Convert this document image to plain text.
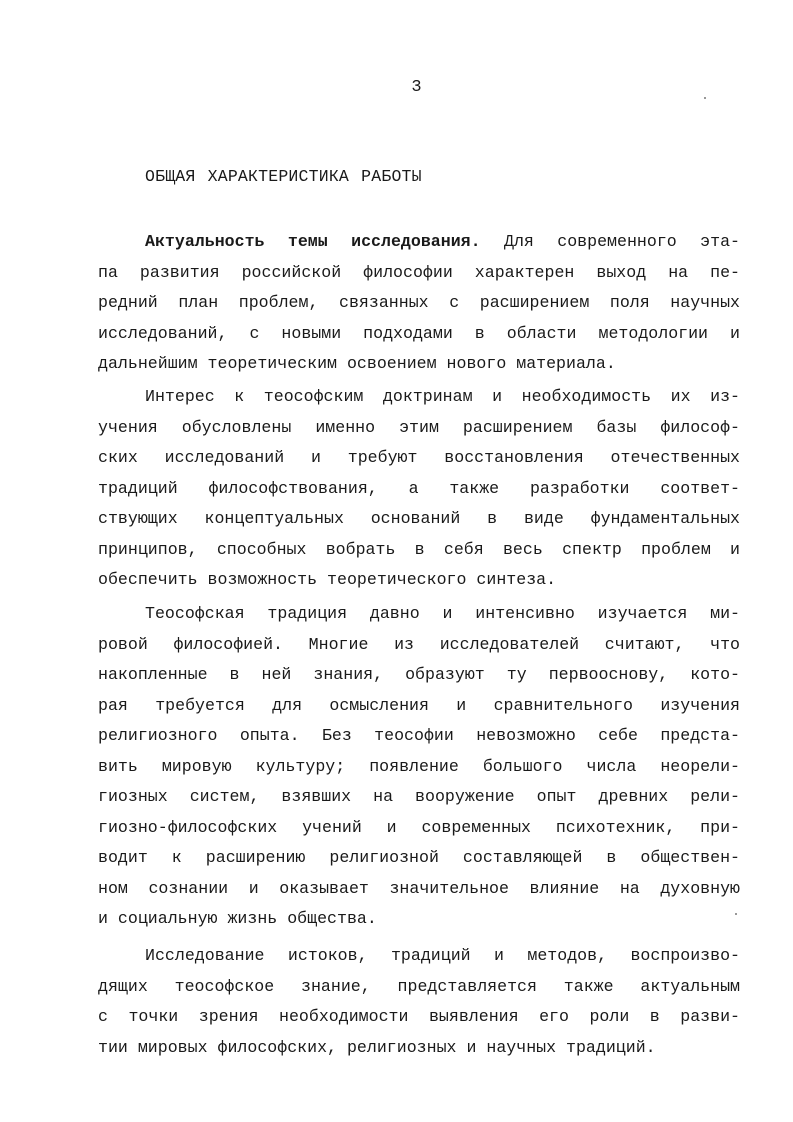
3
ОБЩАЯ ХАРАКТЕРИСТИКА РАБОТЫ
Актуальность темы исследования. Для современного эта-
па развития российской философии характерен выход на пе-
редний план проблем, связанных с расширением поля научных
исследований, с новыми подходами в области методологии и
дальнейшим теоретическим освоением нового материала.
Интерес к теософским доктринам и необходимость их из-
учения обусловлены именно этим расширением базы философ-
ских исследований и требуют восстановления отечественных
традиций философствования, а также разработки соответ-
ствующих концептуальных оснований в виде фундаментальных
принципов, способных вобрать в себя весь спектр проблем и
обеспечить возможность теоретического синтеза.
Теософская традиция давно и интенсивно изучается ми-
ровой философией. Многие из исследователей считают, что
накопленные в ней знания, образуют ту первооснову, кото-
рая требуется для осмысления и сравнительного изучения
религиозного опыта. Без теософии невозможно себе предста-
вить мировую культуру; появление большого числа неорели-
гиозных систем, взявших на вооружение опыт древних рели-
гиозно-философских учений и современных психотехник, при-
водит к расширению религиозной составляющей в обществен-
ном сознании и оказывает значительное влияние на духовную
и социальную жизнь общества.
Исследование истоков, традиций и методов, воспроизво-
дящих теософское знание, представляется также актуальным
с точки зрения необходимости выявления его роли в разви-
тии мировых философских, религиозных и научных традиций.
